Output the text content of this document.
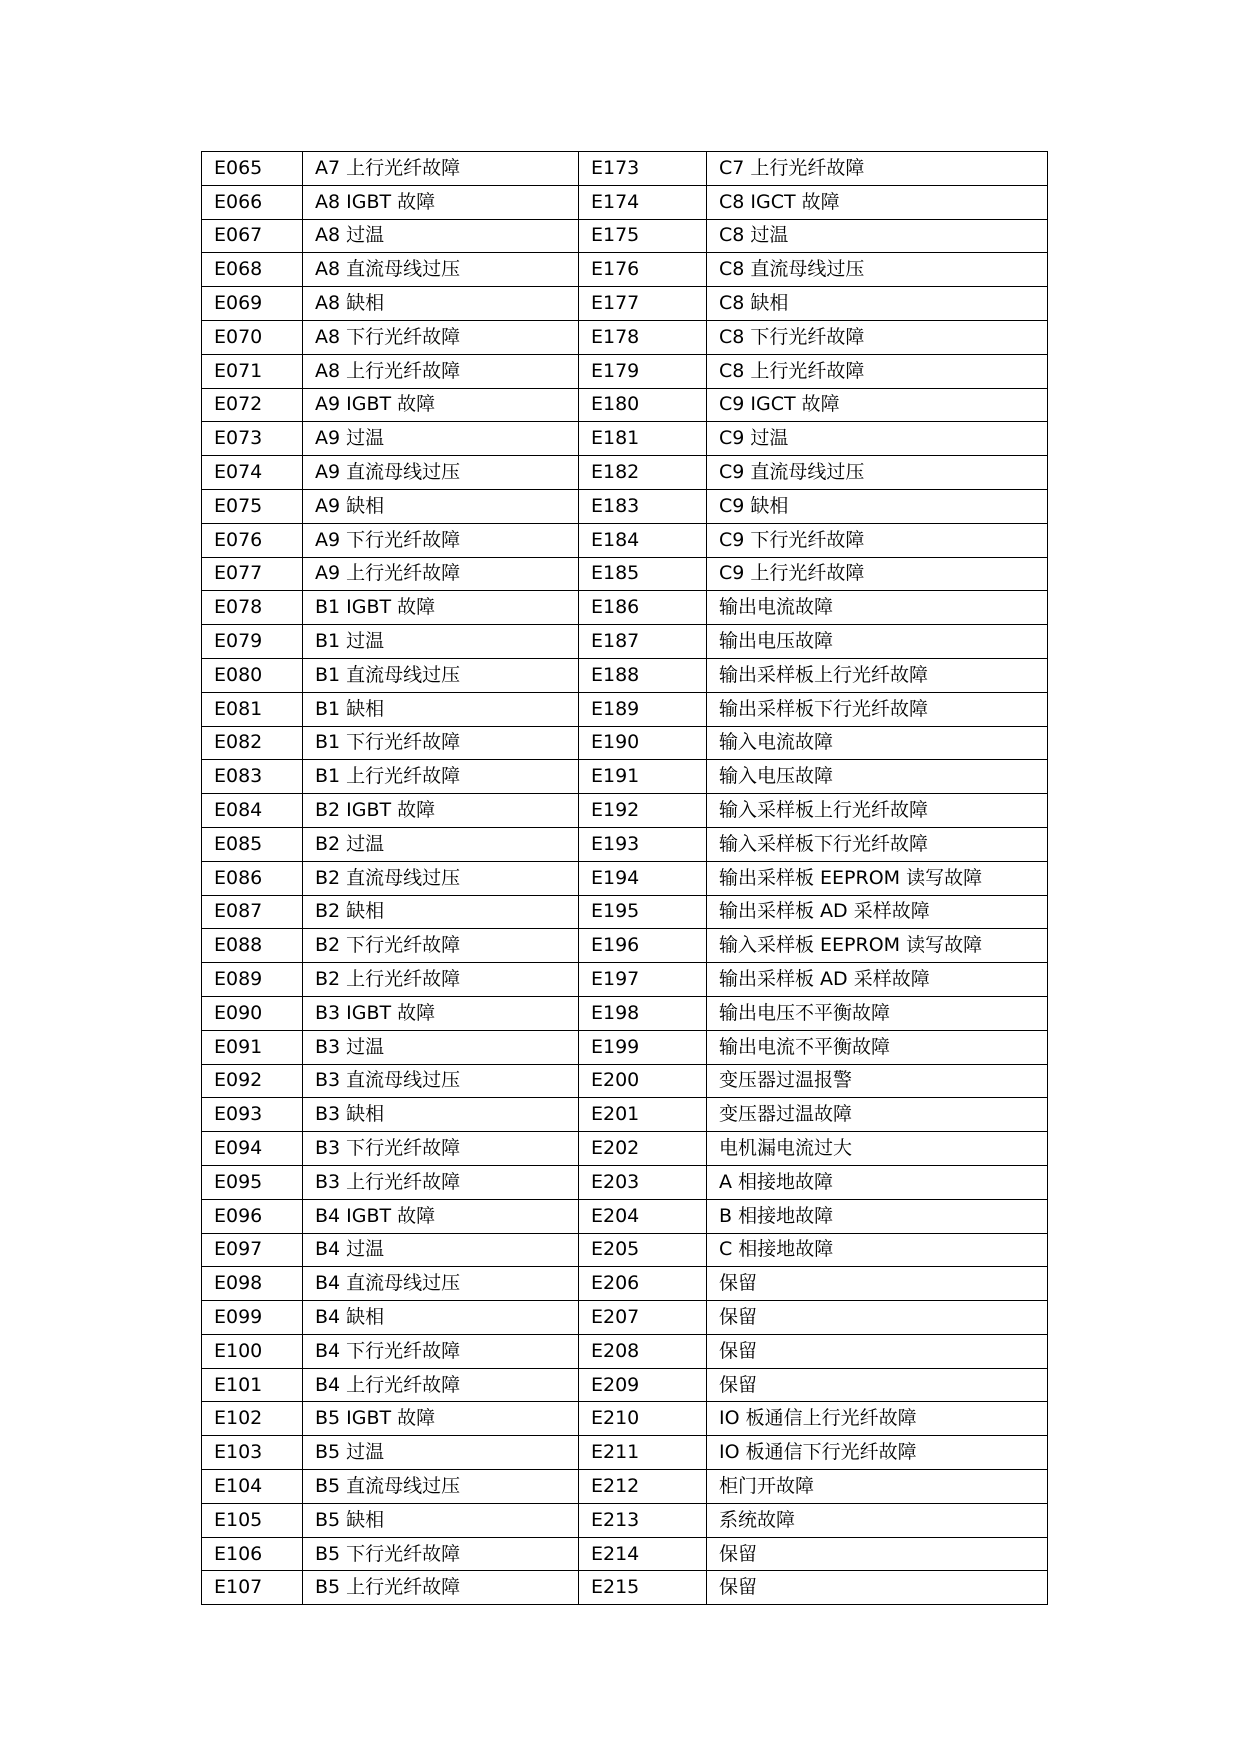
E065	A7 上行光纤故障	E173	C7 上行光纤故障
E066	A8 IGBT 故障	E174	C8 IGCT 故障
E067	A8 过温	E175	C8 过温
E068	A8 直流母线过压	E176	C8 直流母线过压
E069	A8 缺相	E177	C8 缺相
E070	A8 下行光纤故障	E178	C8 下行光纤故障
E071	A8 上行光纤故障	E179	C8 上行光纤故障
E072	A9 IGBT 故障	E180	C9 IGCT 故障
E073	A9 过温	E181	C9 过温
E074	A9 直流母线过压	E182	C9 直流母线过压
E075	A9 缺相	E183	C9 缺相
E076	A9 下行光纤故障	E184	C9 下行光纤故障
E077	A9 上行光纤故障	E185	C9 上行光纤故障
E078	B1 IGBT 故障	E186	输出电流故障
E079	B1 过温	E187	输出电压故障
E080	B1 直流母线过压	E188	输出采样板上行光纤故障
E081	B1 缺相	E189	输出采样板下行光纤故障
E082	B1 下行光纤故障	E190	输入电流故障
E083	B1 上行光纤故障	E191	输入电压故障
E084	B2 IGBT 故障	E192	输入采样板上行光纤故障
E085	B2 过温	E193	输入采样板下行光纤故障
E086	B2 直流母线过压	E194	输出采样板 EEPROM 读写故障
E087	B2 缺相	E195	输出采样板 AD 采样故障
E088	B2 下行光纤故障	E196	输入采样板 EEPROM 读写故障
E089	B2 上行光纤故障	E197	输出采样板 AD 采样故障
E090	B3 IGBT 故障	E198	输出电压不平衡故障
E091	B3 过温	E199	输出电流不平衡故障
E092	B3 直流母线过压	E200	变压器过温报警
E093	B3 缺相	E201	变压器过温故障
E094	B3 下行光纤故障	E202	电机漏电流过大
E095	B3 上行光纤故障	E203	A 相接地故障
E096	B4 IGBT 故障	E204	B 相接地故障
E097	B4 过温	E205	C 相接地故障
E098	B4 直流母线过压	E206	保留
E099	B4 缺相	E207	保留
E100	B4 下行光纤故障	E208	保留
E101	B4 上行光纤故障	E209	保留
E102	B5 IGBT 故障	E210	IO 板通信上行光纤故障
E103	B5 过温	E211	IO 板通信下行光纤故障
E104	B5 直流母线过压	E212	柜门开故障
E105	B5 缺相	E213	系统故障
E106	B5 下行光纤故障	E214	保留
E107	B5 上行光纤故障	E215	保留
